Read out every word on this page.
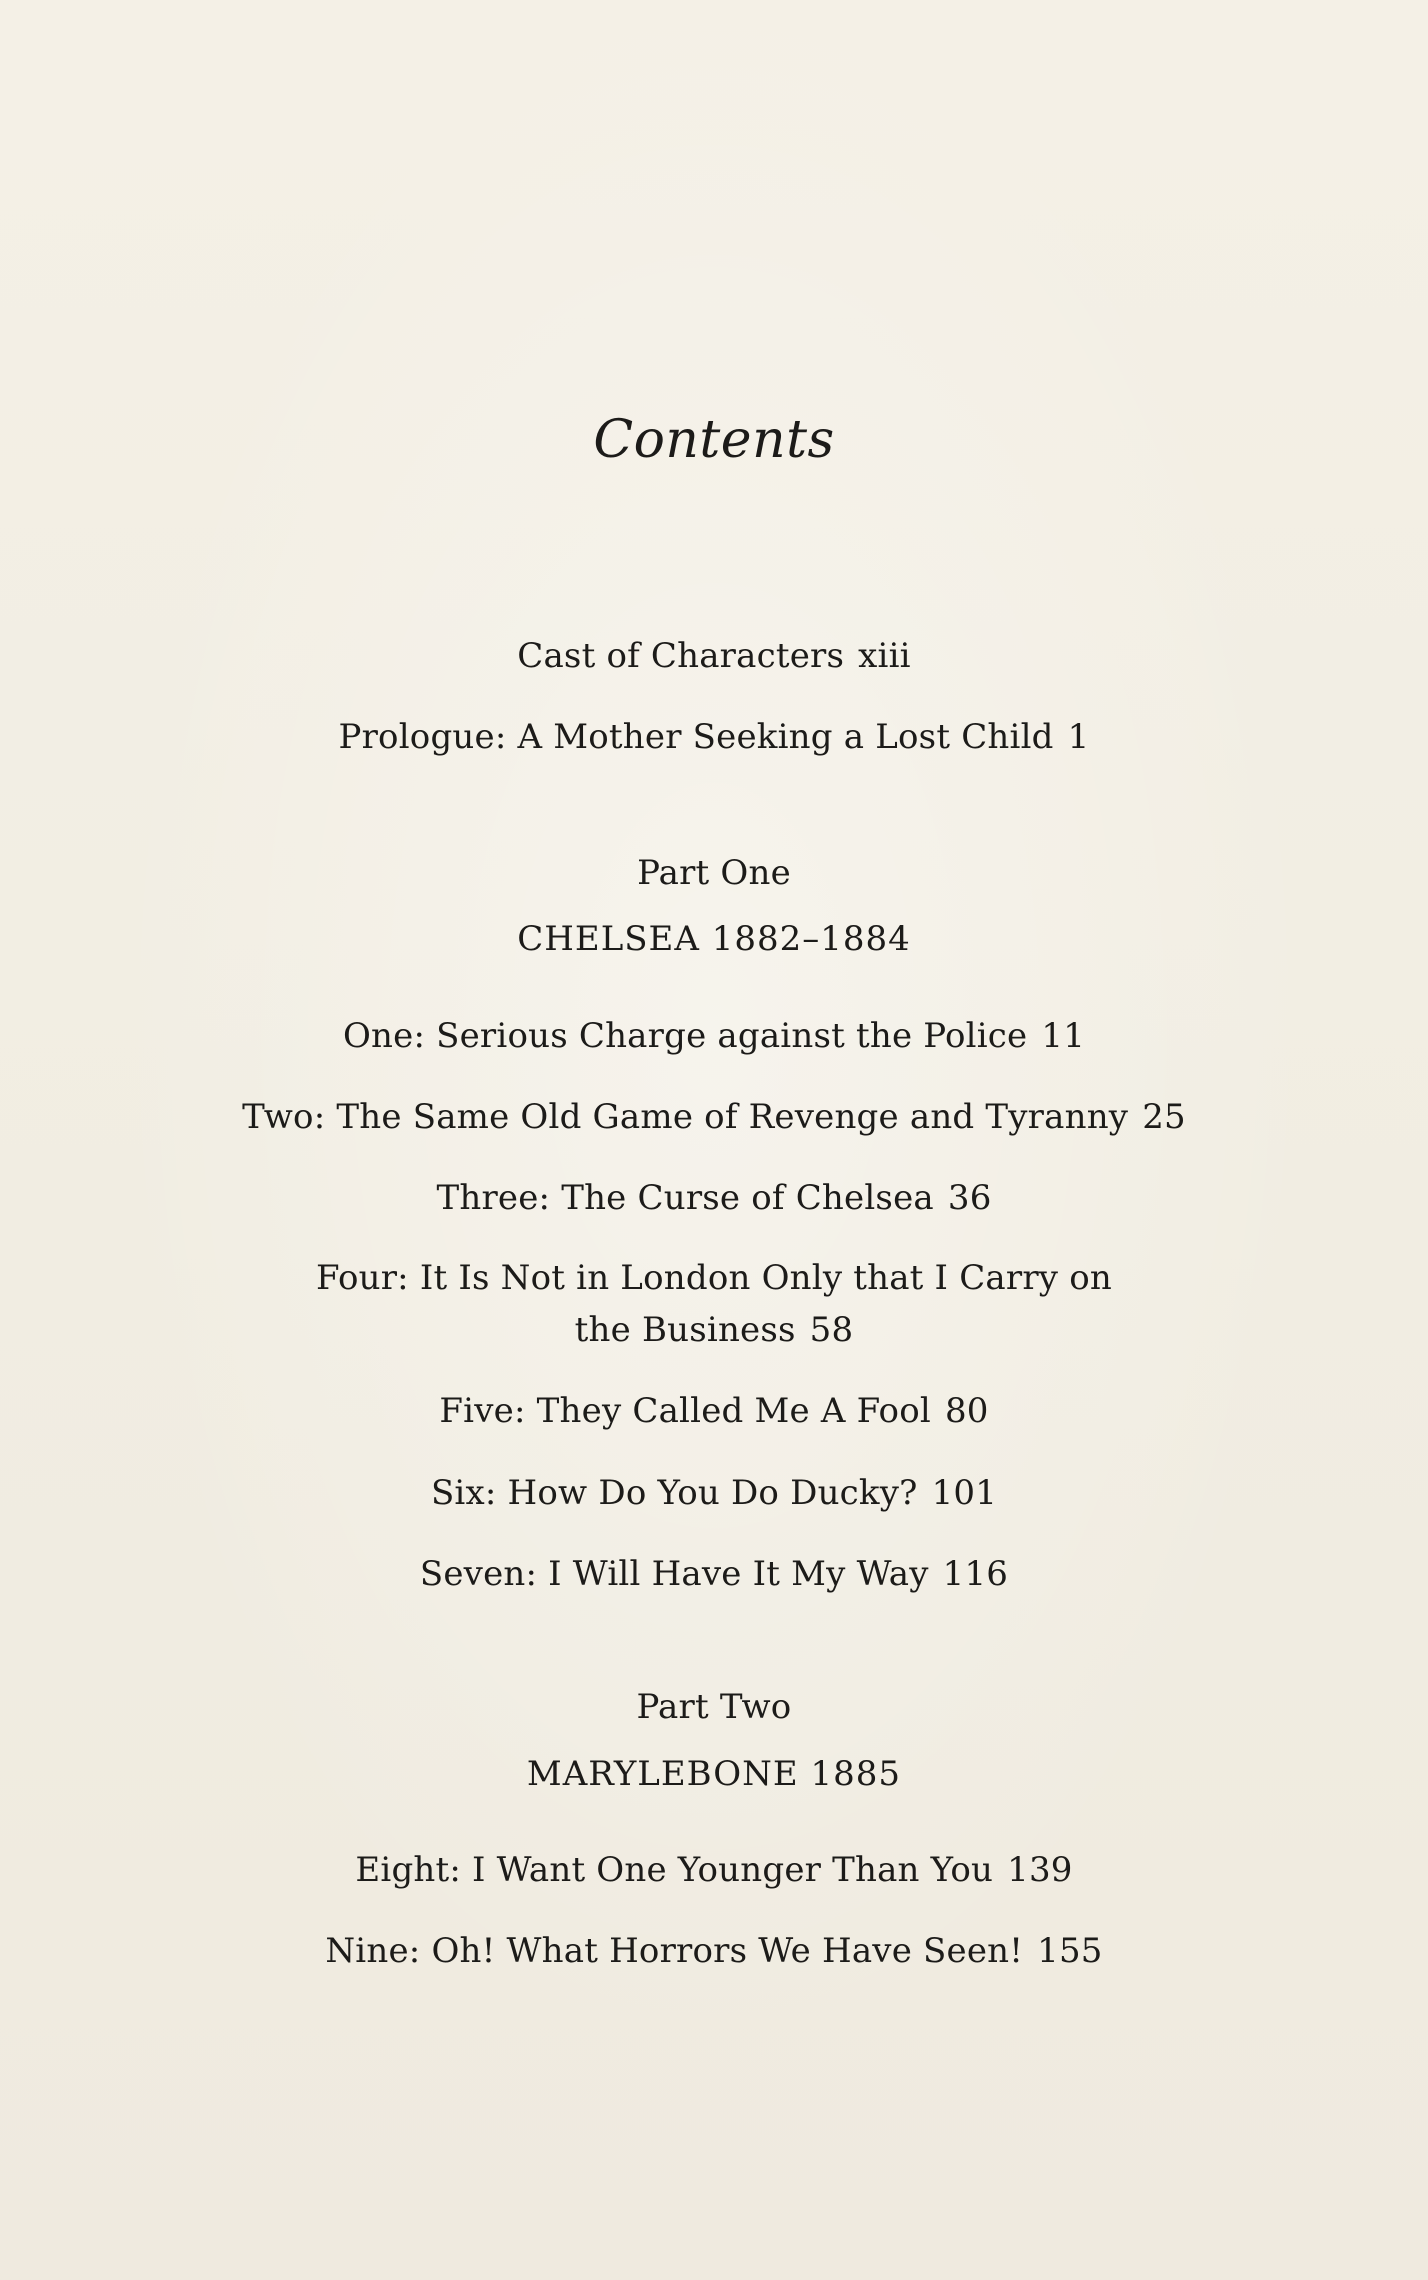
Contents
Cast of Characters xiii
Prologue: A Mother Seeking a Lost Child 1
Part One
CHELSEA 1882–1884
One: Serious Charge against the Police 11
Two: The Same Old Game of Revenge and Tyranny 25
Three: The Curse of Chelsea 36
Four: It Is Not in London Only that I Carry on
the Business 58
Five: They Called Me A Fool 80
Six: How Do You Do Ducky? 101
Seven: I Will Have It My Way 116
Part Two
MARYLEBONE 1885
Eight: I Want One Younger Than You 139
Nine: Oh! What Horrors We Have Seen! 155
